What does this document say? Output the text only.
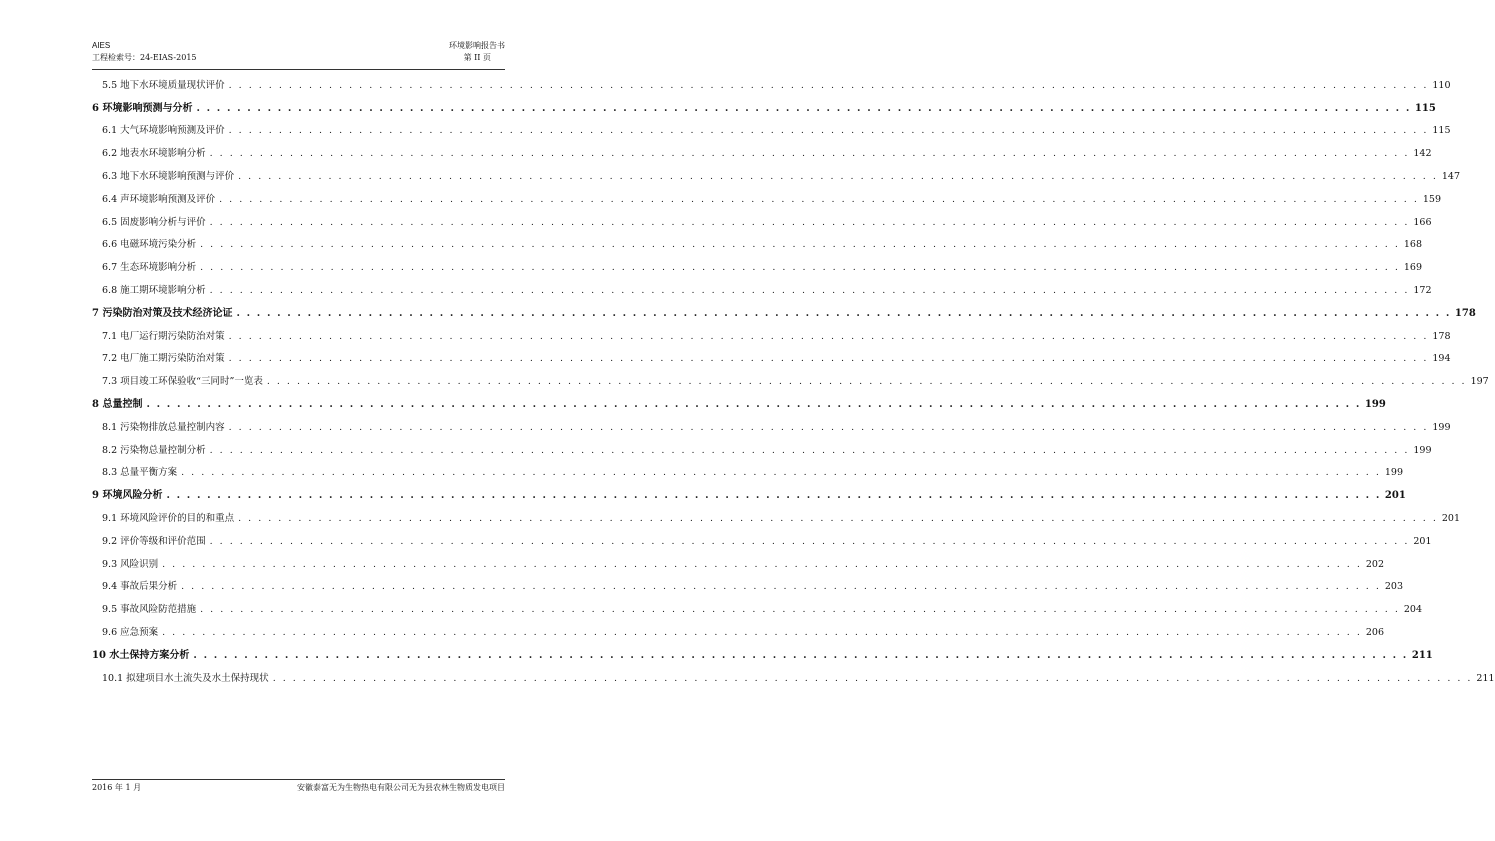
AIES
工程检索号：24-EIAS-2015
环境影响报告书
第 II 页
5.5 地下水环境质量现状评价 . . . . . . . . . . . . . . . . . . . . . . . . . . . . . . . . . . . . . . . . . . . . . . . . . . . . . . . . . . . . . . . . . . . . . . . . . . . . . . . . . . . . . . . . . . . . . . . . . . . . . . . . . . . . . . . . . . . . . . . . 110
6 环境影响预测与分析 . . . . . . . . . . . . . . . . . . . . . . . . . . . . . . . . . . . . . . . . . . . . . . . . . . . . . . . . . . . . . . . . . . . . . . . . . . . . . . . . . . . . . . . . . . . . . . . . . . . . . . . . . . . . . . . . . . . . . . . . 115
6.1 大气环境影响预测及评价 . . . . . . . . . . . . . . . . . . . . . . . . . . . . . . . . . . . . . . . . . . . . . . . . . . . . . . . . . . . . . . . . . . . . . . . . . . . . . . . . . . . . . . . . . . . . . . . . . . . . . . . . . . . . . . . . . . . . . . . . 115
6.2 地表水环境影响分析 . . . . . . . . . . . . . . . . . . . . . . . . . . . . . . . . . . . . . . . . . . . . . . . . . . . . . . . . . . . . . . . . . . . . . . . . . . . . . . . . . . . . . . . . . . . . . . . . . . . . . . . . . . . . . . . . . . . . . . . . 142
6.3 地下水环境影响预测与评价 . . . . . . . . . . . . . . . . . . . . . . . . . . . . . . . . . . . . . . . . . . . . . . . . . . . . . . . . . . . . . . . . . . . . . . . . . . . . . . . . . . . . . . . . . . . . . . . . . . . . . . . . . . . . . . . . . . . . . . . . 147
6.4 声环境影响预测及评价 . . . . . . . . . . . . . . . . . . . . . . . . . . . . . . . . . . . . . . . . . . . . . . . . . . . . . . . . . . . . . . . . . . . . . . . . . . . . . . . . . . . . . . . . . . . . . . . . . . . . . . . . . . . . . . . . . . . . . . . . 159
6.5 固废影响分析与评价 . . . . . . . . . . . . . . . . . . . . . . . . . . . . . . . . . . . . . . . . . . . . . . . . . . . . . . . . . . . . . . . . . . . . . . . . . . . . . . . . . . . . . . . . . . . . . . . . . . . . . . . . . . . . . . . . . . . . . . . . 166
6.6 电磁环境污染分析 . . . . . . . . . . . . . . . . . . . . . . . . . . . . . . . . . . . . . . . . . . . . . . . . . . . . . . . . . . . . . . . . . . . . . . . . . . . . . . . . . . . . . . . . . . . . . . . . . . . . . . . . . . . . . . . . . . . . . . . . 168
6.7 生态环境影响分析 . . . . . . . . . . . . . . . . . . . . . . . . . . . . . . . . . . . . . . . . . . . . . . . . . . . . . . . . . . . . . . . . . . . . . . . . . . . . . . . . . . . . . . . . . . . . . . . . . . . . . . . . . . . . . . . . . . . . . . . . 169
6.8 施工期环境影响分析 . . . . . . . . . . . . . . . . . . . . . . . . . . . . . . . . . . . . . . . . . . . . . . . . . . . . . . . . . . . . . . . . . . . . . . . . . . . . . . . . . . . . . . . . . . . . . . . . . . . . . . . . . . . . . . . . . . . . . . . . 172
7 污染防治对策及技术经济论证 . . . . . . . . . . . . . . . . . . . . . . . . . . . . . . . . . . . . . . . . . . . . . . . . . . . . . . . . . . . . . . . . . . . . . . . . . . . . . . . . . . . . . . . . . . . . . . . . . . . . . . . . . . . . . . . . . . . . . . . . 178
7.1 电厂运行期污染防治对策 . . . . . . . . . . . . . . . . . . . . . . . . . . . . . . . . . . . . . . . . . . . . . . . . . . . . . . . . . . . . . . . . . . . . . . . . . . . . . . . . . . . . . . . . . . . . . . . . . . . . . . . . . . . . . . . . . . . . . . . . 178
7.2 电厂施工期污染防治对策 . . . . . . . . . . . . . . . . . . . . . . . . . . . . . . . . . . . . . . . . . . . . . . . . . . . . . . . . . . . . . . . . . . . . . . . . . . . . . . . . . . . . . . . . . . . . . . . . . . . . . . . . . . . . . . . . . . . . . . . . 194
7.3 项目竣工环保验收“三同时”一览表 . . . . . . . . . . . . . . . . . . . . . . . . . . . . . . . . . . . . . . . . . . . . . . . . . . . . . . . . . . . . . . . . . . . . . . . . . . . . . . . . . . . . . . . . . . . . . . . . . . . . . . . . . . . . . . . . . . . . . . . . 197
8 总量控制 . . . . . . . . . . . . . . . . . . . . . . . . . . . . . . . . . . . . . . . . . . . . . . . . . . . . . . . . . . . . . . . . . . . . . . . . . . . . . . . . . . . . . . . . . . . . . . . . . . . . . . . . . . . . . . . . . . . . . . . . 199
8.1 污染物排放总量控制内容 . . . . . . . . . . . . . . . . . . . . . . . . . . . . . . . . . . . . . . . . . . . . . . . . . . . . . . . . . . . . . . . . . . . . . . . . . . . . . . . . . . . . . . . . . . . . . . . . . . . . . . . . . . . . . . . . . . . . . . . . 199
8.2 污染物总量控制分析 . . . . . . . . . . . . . . . . . . . . . . . . . . . . . . . . . . . . . . . . . . . . . . . . . . . . . . . . . . . . . . . . . . . . . . . . . . . . . . . . . . . . . . . . . . . . . . . . . . . . . . . . . . . . . . . . . . . . . . . . 199
8.3 总量平衡方案 . . . . . . . . . . . . . . . . . . . . . . . . . . . . . . . . . . . . . . . . . . . . . . . . . . . . . . . . . . . . . . . . . . . . . . . . . . . . . . . . . . . . . . . . . . . . . . . . . . . . . . . . . . . . . . . . . . . . . . . . 199
9 环境风险分析 . . . . . . . . . . . . . . . . . . . . . . . . . . . . . . . . . . . . . . . . . . . . . . . . . . . . . . . . . . . . . . . . . . . . . . . . . . . . . . . . . . . . . . . . . . . . . . . . . . . . . . . . . . . . . . . . . . . . . . . . 201
9.1 环境风险评价的目的和重点 . . . . . . . . . . . . . . . . . . . . . . . . . . . . . . . . . . . . . . . . . . . . . . . . . . . . . . . . . . . . . . . . . . . . . . . . . . . . . . . . . . . . . . . . . . . . . . . . . . . . . . . . . . . . . . . . . . . . . . . . 201
9.2 评价等级和评价范围 . . . . . . . . . . . . . . . . . . . . . . . . . . . . . . . . . . . . . . . . . . . . . . . . . . . . . . . . . . . . . . . . . . . . . . . . . . . . . . . . . . . . . . . . . . . . . . . . . . . . . . . . . . . . . . . . . . . . . . . . 201
9.3 风险识别 . . . . . . . . . . . . . . . . . . . . . . . . . . . . . . . . . . . . . . . . . . . . . . . . . . . . . . . . . . . . . . . . . . . . . . . . . . . . . . . . . . . . . . . . . . . . . . . . . . . . . . . . . . . . . . . . . . . . . . . . 202
9.4 事故后果分析 . . . . . . . . . . . . . . . . . . . . . . . . . . . . . . . . . . . . . . . . . . . . . . . . . . . . . . . . . . . . . . . . . . . . . . . . . . . . . . . . . . . . . . . . . . . . . . . . . . . . . . . . . . . . . . . . . . . . . . . . 203
9.5 事故风险防范措施 . . . . . . . . . . . . . . . . . . . . . . . . . . . . . . . . . . . . . . . . . . . . . . . . . . . . . . . . . . . . . . . . . . . . . . . . . . . . . . . . . . . . . . . . . . . . . . . . . . . . . . . . . . . . . . . . . . . . . . . . 204
9.6 应急预案 . . . . . . . . . . . . . . . . . . . . . . . . . . . . . . . . . . . . . . . . . . . . . . . . . . . . . . . . . . . . . . . . . . . . . . . . . . . . . . . . . . . . . . . . . . . . . . . . . . . . . . . . . . . . . . . . . . . . . . . . 206
10 水土保持方案分析 . . . . . . . . . . . . . . . . . . . . . . . . . . . . . . . . . . . . . . . . . . . . . . . . . . . . . . . . . . . . . . . . . . . . . . . . . . . . . . . . . . . . . . . . . . . . . . . . . . . . . . . . . . . . . . . . . . . . . . . . 211
10.1 拟建项目水土流失及水土保持现状 . . . . . . . . . . . . . . . . . . . . . . . . . . . . . . . . . . . . . . . . . . . . . . . . . . . . . . . . . . . . . . . . . . . . . . . . . . . . . . . . . . . . . . . . . . . . . . . . . . . . . . . . . . . . . . . . . . . . . . . . 211
2016 年 1 月	安徽泰富无为生物热电有限公司无为县农林生物质发电项目
